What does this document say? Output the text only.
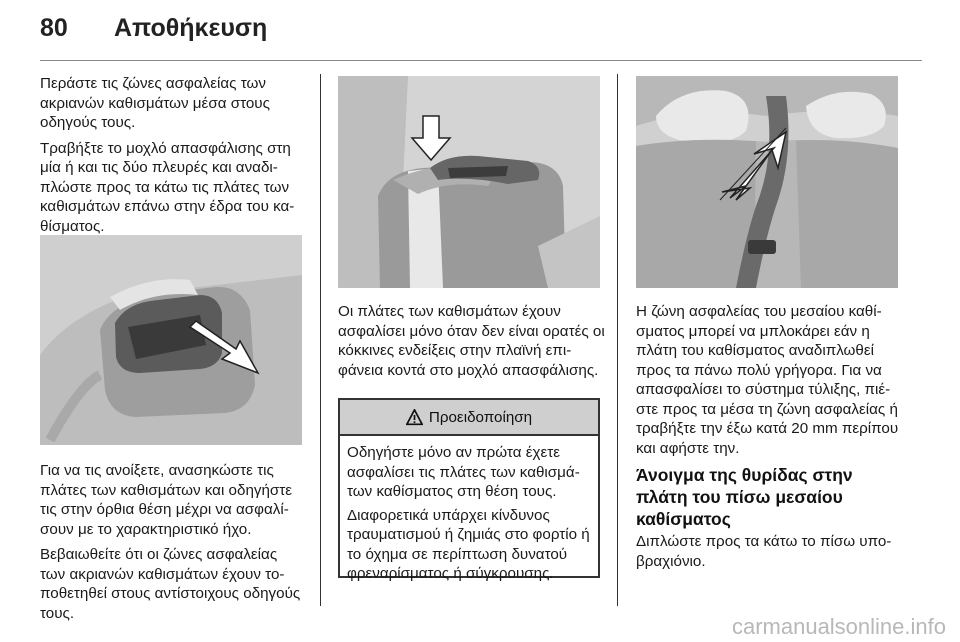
80 Αποθήκευση

Περάστε τις ζώνες ασφαλείας των ακριανών καθισμάτων μέσα στους οδηγούς τους.

Τραβήξτε το μοχλό απασφάλισης στη μία ή και τις δύο πλευρές και αναδιπλώστε προς τα κάτω τις πλάτες των καθισμάτων επάνω στην έδρα του καθίσματος.

Για να τις ανοίξετε, ανασηκώστε τις πλάτες των καθισμάτων και οδηγήστε τις στην όρθια θέση μέχρι να ασφαλίσουν με το χαρακτηριστικό ήχο.

Βεβαιωθείτε ότι οι ζώνες ασφαλείας των ακριανών καθισμάτων έχουν τοποθετηθεί στους αντίστοιχους οδηγούς τους.

Οι πλάτες των καθισμάτων έχουν ασφαλίσει μόνο όταν δεν είναι ορατές οι κόκκινες ενδείξεις στην πλαϊνή επιφάνεια κοντά στο μοχλό απασφάλισης.

Προειδοποίηση
Οδηγήστε μόνο αν πρώτα έχετε ασφαλίσει τις πλάτες των καθισμάτων καθίσματος στη θέση τους.
Διαφορετικά υπάρχει κίνδυνος τραυματισμού ή ζημιάς στο φορτίο ή το όχημα σε περίπτωση δυνατού φρεναρίσματος ή σύγκρουσης.

Η ζώνη ασφαλείας του μεσαίου καθίσματος μπορεί να μπλοκάρει εάν η πλάτη του καθίσματος αναδιπλωθεί προς τα πάνω πολύ γρήγορα. Για να απασφαλίσει το σύστημα τύλιξης, πιέστε προς τα μέσα τη ζώνη ασφαλείας ή τραβήξτε την έξω κατά 20 mm περίπου και αφήστε την.

Άνοιγμα της θυρίδας στην πλάτη του πίσω μεσαίου καθίσματος

Διπλώστε προς τα κάτω το πίσω υποβραχιόνιο.

carmanualsonline.info
